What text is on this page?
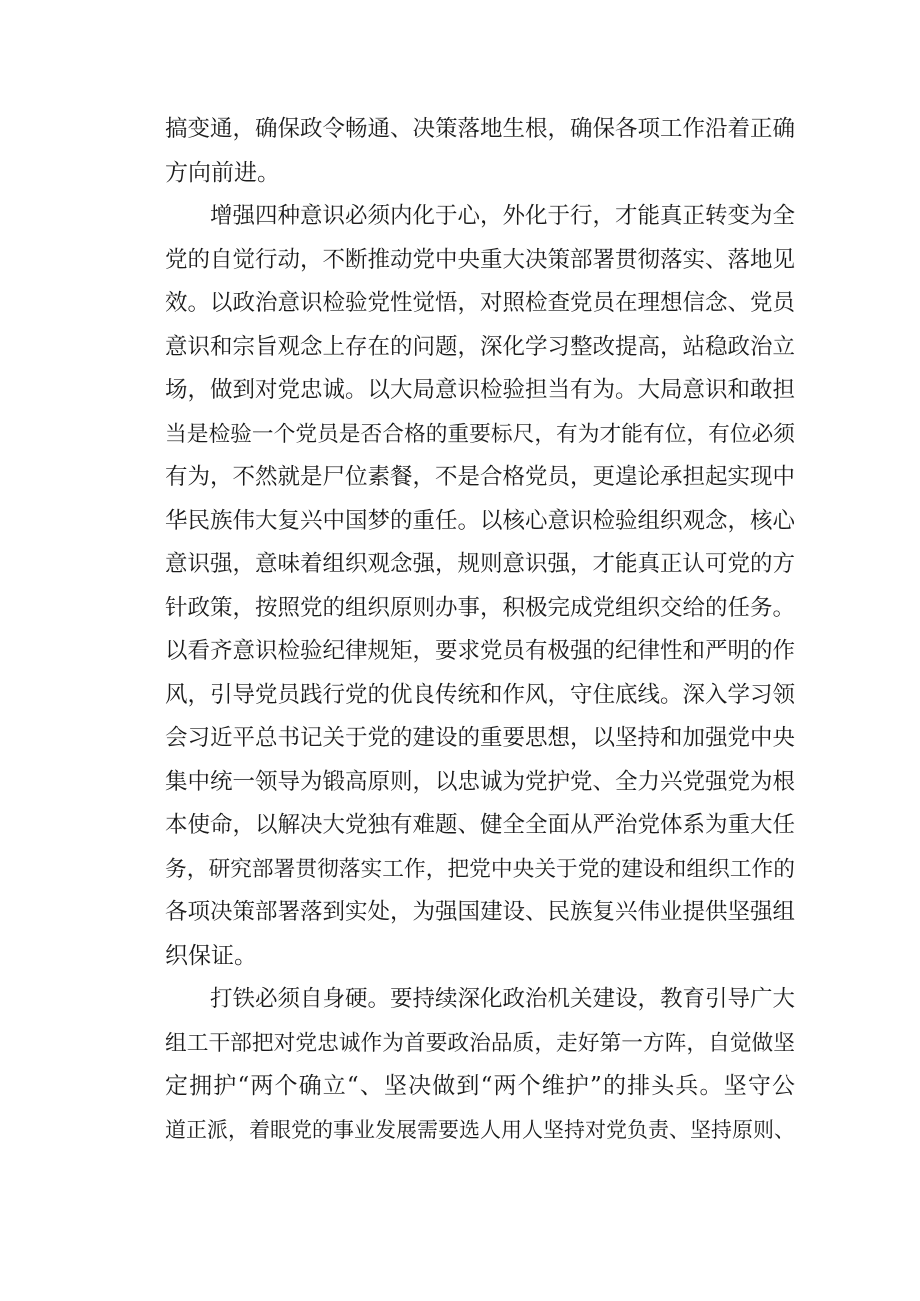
搞变通，确保政令畅通、决策落地生根，确保各项工作沿着正确
方向前进。
　　增强四种意识必须内化于心，外化于行，才能真正转变为全
党的自觉行动，不断推动党中央重大决策部署贯彻落实、落地见
效。以政治意识检验党性觉悟，对照检查党员在理想信念、党员
意识和宗旨观念上存在的问题，深化学习整改提高，站稳政治立
场，做到对党忠诚。以大局意识检验担当有为。大局意识和敢担
当是检验一个党员是否合格的重要标尺，有为才能有位，有位必须
有为，不然就是尸位素餐，不是合格党员，更遑论承担起实现中
华民族伟大复兴中国梦的重任。以核心意识检验组织观念，核心
意识强，意味着组织观念强，规则意识强，才能真正认可党的方
针政策，按照党的组织原则办事，积极完成党组织交给的任务。
以看齐意识检验纪律规矩，要求党员有极强的纪律性和严明的作
风，引导党员践行党的优良传统和作风，守住底线。深入学习领
会习近平总书记关于党的建设的重要思想，以坚持和加强党中央
集中统一领导为锻高原则，以忠诚为党护党、全力兴党强党为根
本使命，以解决大党独有难题、健全全面从严治党体系为重大任
务，研究部署贯彻落实工作，把党中央关于党的建设和组织工作的
各项决策部署落到实处，为强国建设、民族复兴伟业提供坚强组
织保证。
　　打铁必须自身硬。要持续深化政治机关建设，教育引导广大
组工干部把对党忠诚作为首要政治品质，走好第一方阵，自觉做坚
定拥护“两个确立“、坚决做到“两个维护”的排头兵。坚守公
道正派，着眼党的事业发展需要选人用人坚持对党负责、坚持原则、
